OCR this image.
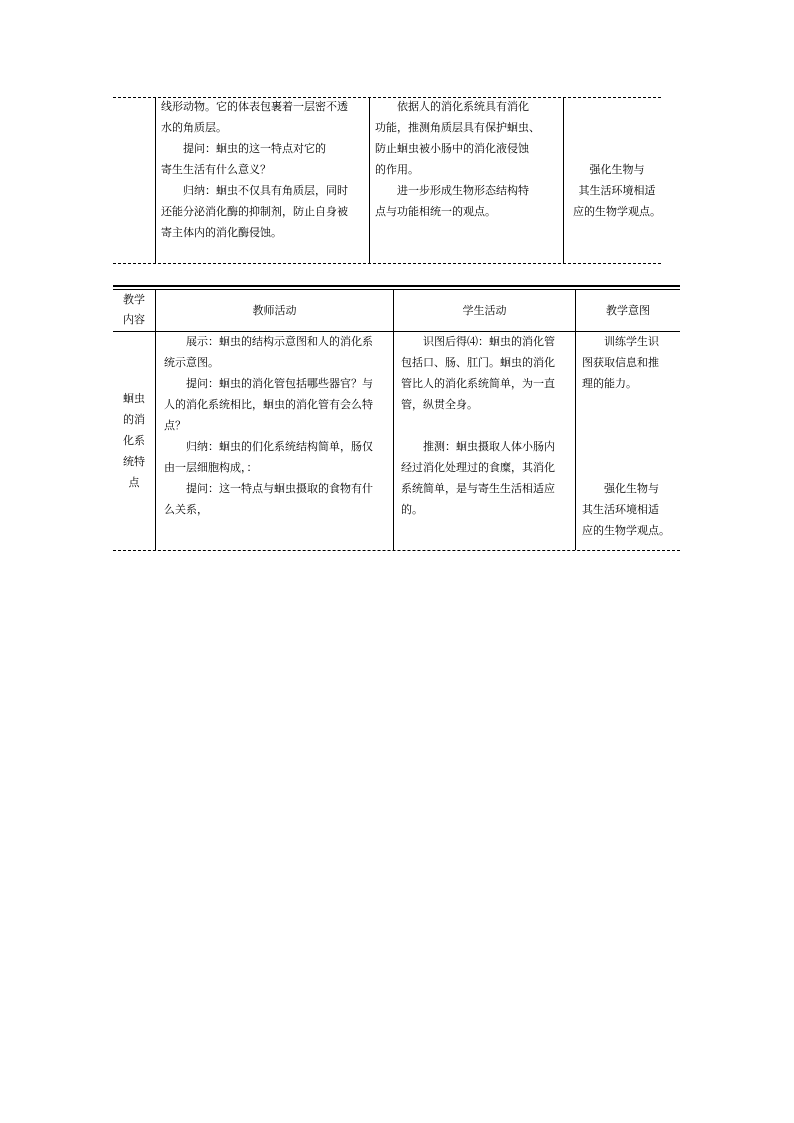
线形动物。它的体表包裹着一层密不透

水的角质层。

提问：蛔虫的这一特点对它的

寄生生活有什么意义？

归纳：蛔虫不仅具有角质层，同时

还能分泌消化酶的抑制剂，防止自身被

寄主体内的消化酶侵蚀。

依据人的消化系统具有消化

功能，推测角质层具有保护蛔虫、

防止蛔虫被小肠中的消化液侵蚀

的作用。

进一步形成生物形态结构特

点与功能相统一的观点。

强化生物与

其生活环境相适

应的生物学观点。

教学

内容

教师活动	学生活动	教学意图

蛔虫

的消

化系

统特

点

展示：蛔虫的结构示意图和人的消化系

统示意图。

提问：蛔虫的消化管包括哪些器官？与

人的消化系统相比，蛔虫的消化管有会么特

点？

归纳：蛔虫的们化系统结构简单，肠仅

由一层细胞构成，：

提问：这一特点与蛔虫摄取的食物有什

么关系，

识图后得⑷：蛔虫的消化管

包括口、肠、肛门。蛔虫的消化

管比人的消化系统简单，为一直

管，纵贯全身。

推测：蛔虫摄取人体小肠内

经过消化处理过的食糜，其消化

系统简单，是与寄生生活相适应

的。

训练学生识

图获取信息和推

理的能力。

强化生物与

其生活环境相适

应的生物学观点。
